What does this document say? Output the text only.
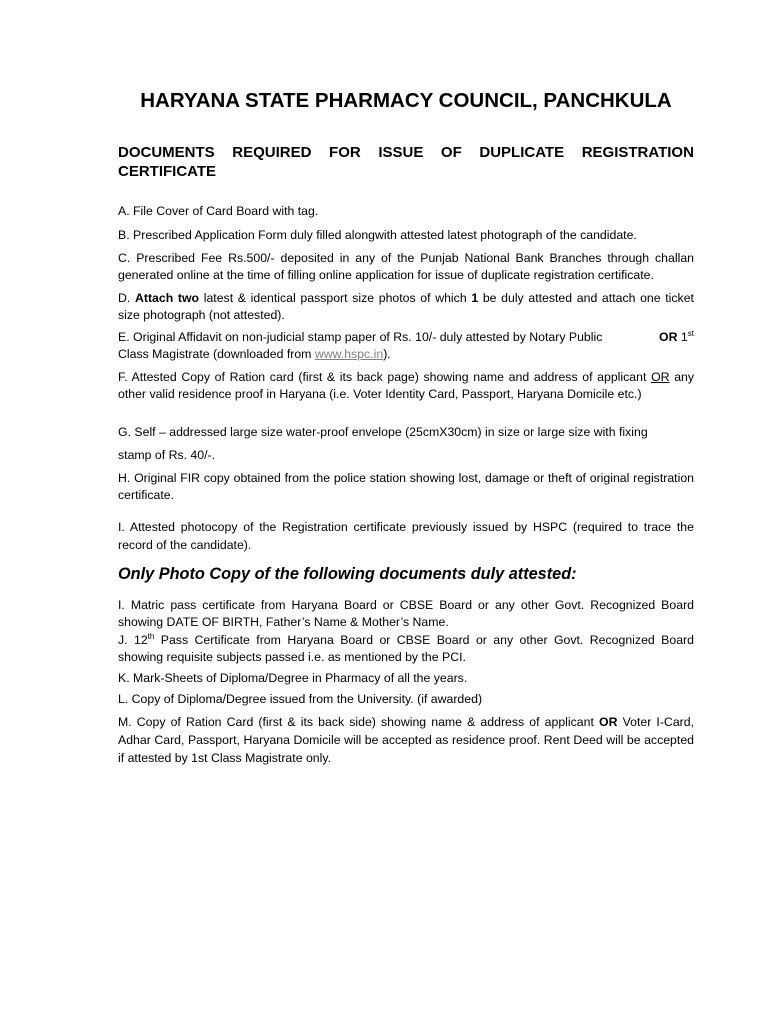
HARYANA STATE PHARMACY COUNCIL, PANCHKULA
DOCUMENTS REQUIRED FOR ISSUE OF DUPLICATE REGISTRATION
CERTIFICATE
A. File Cover of Card Board with tag.
B. Prescribed Application Form duly filled alongwith attested latest photograph of the candidate.
C. Prescribed Fee Rs.500/- deposited in any of the Punjab National Bank Branches through challan generated online at the time of filling online application for issue of duplicate registration certificate.
D. Attach two latest & identical passport size photos of which 1 be duly attested and attach one ticket size photograph (not attested).
E. Original Affidavit on non-judicial stamp paper of Rs. 10/- duly attested by Notary Public	OR 1st
Class Magistrate (downloaded from www.hspc.in).
F. Attested Copy of Ration card (first & its back page) showing name and address of applicant OR any other valid residence proof in Haryana (i.e. Voter Identity Card, Passport, Haryana Domicile etc.)
G. Self – addressed large size water-proof envelope (25cmX30cm) in size or large size with fixing
stamp of Rs. 40/-.
H. Original FIR copy obtained from the police station showing lost, damage or theft of original registration certificate.
I. Attested photocopy of the Registration certificate previously issued by HSPC (required to trace the record of the candidate).
Only Photo Copy of the following documents duly attested:
I. Matric pass certificate from Haryana Board or CBSE Board or any other Govt. Recognized Board showing DATE OF BIRTH, Father’s Name & Mother’s Name.
J. 12th Pass Certificate from Haryana Board or CBSE Board or any other Govt. Recognized Board showing requisite subjects passed i.e. as mentioned by the PCI.
K. Mark-Sheets of Diploma/Degree in Pharmacy of all the years.
L. Copy of Diploma/Degree issued from the University. (if awarded)
M. Copy of Ration Card (first & its back side) showing name & address of applicant OR Voter I-Card, Adhar Card, Passport, Haryana Domicile will be accepted as residence proof. Rent Deed will be accepted if attested by 1st Class Magistrate only.
